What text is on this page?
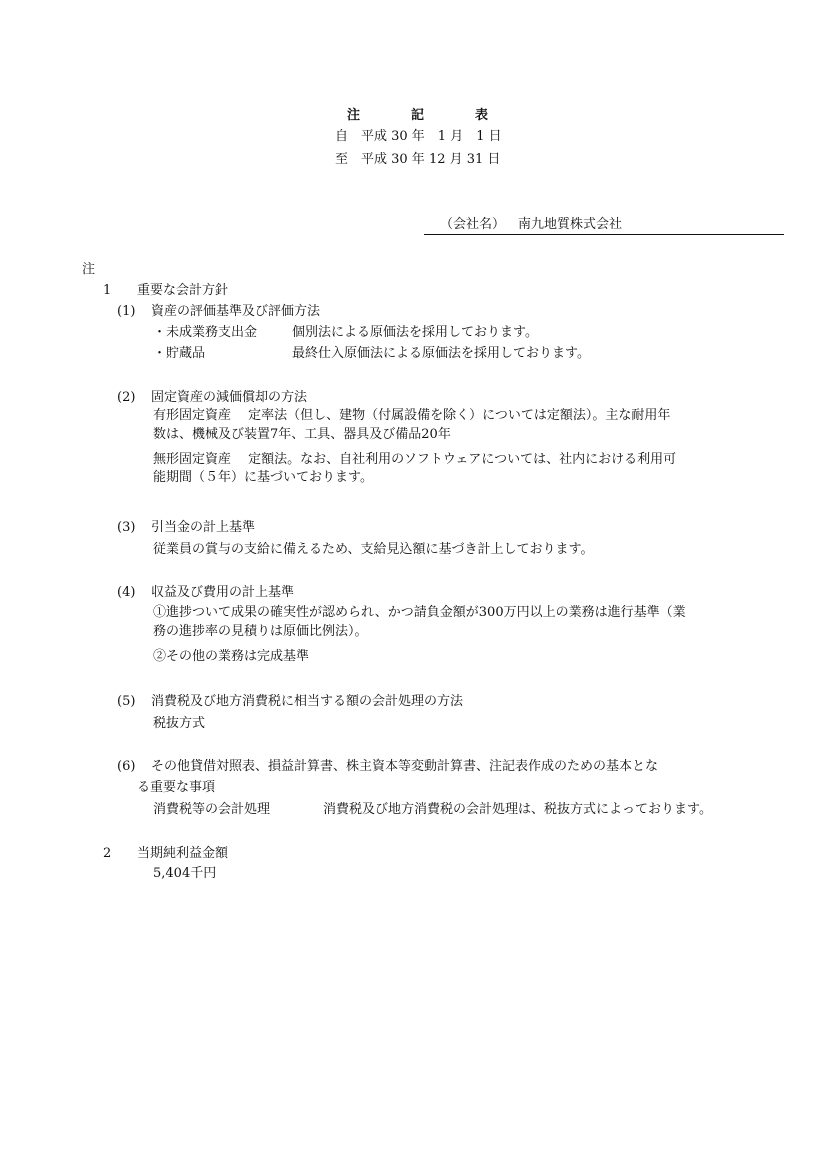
注	記	表
自　平成 30 年　1 月　1 日
至　平成 30 年 12 月 31 日
（会社名） 南九地質株式会社
注
1 重要な会計方針
(1) 資産の評価基準及び評価方法
・未成業務支出金	個別法による原価法を採用しております。
・貯蔵品	最終仕入原価法による原価法を採用しております。
(2) 固定資産の減価償却の方法
有形固定資産　 定率法（但し、建物（付属設備を除く）については定額法）。主な耐用年
数は、機械及び装置7年、工具、器具及び備品20年
無形固定資産　 定額法。なお、自社利用のソフトウェアについては、社内における利用可
能期間（５年）に基づいております。
(3) 引当金の計上基準
従業員の賞与の支給に備えるため、支給見込額に基づき計上しております。
(4) 収益及び費用の計上基準
①進捗ついて成果の確実性が認められ、かつ請負金額が300万円以上の業務は進行基準（業
務の進捗率の見積りは原価比例法）。
②その他の業務は完成基準
(5) 消費税及び地方消費税に相当する額の会計処理の方法
税抜方式
(6) その他貸借対照表、損益計算書、株主資本等変動計算書、注記表作成のための基本とな
る重要な事項
消費税等の会計処理	消費税及び地方消費税の会計処理は、税抜方式によっております。
2 当期純利益金額
5,404千円
